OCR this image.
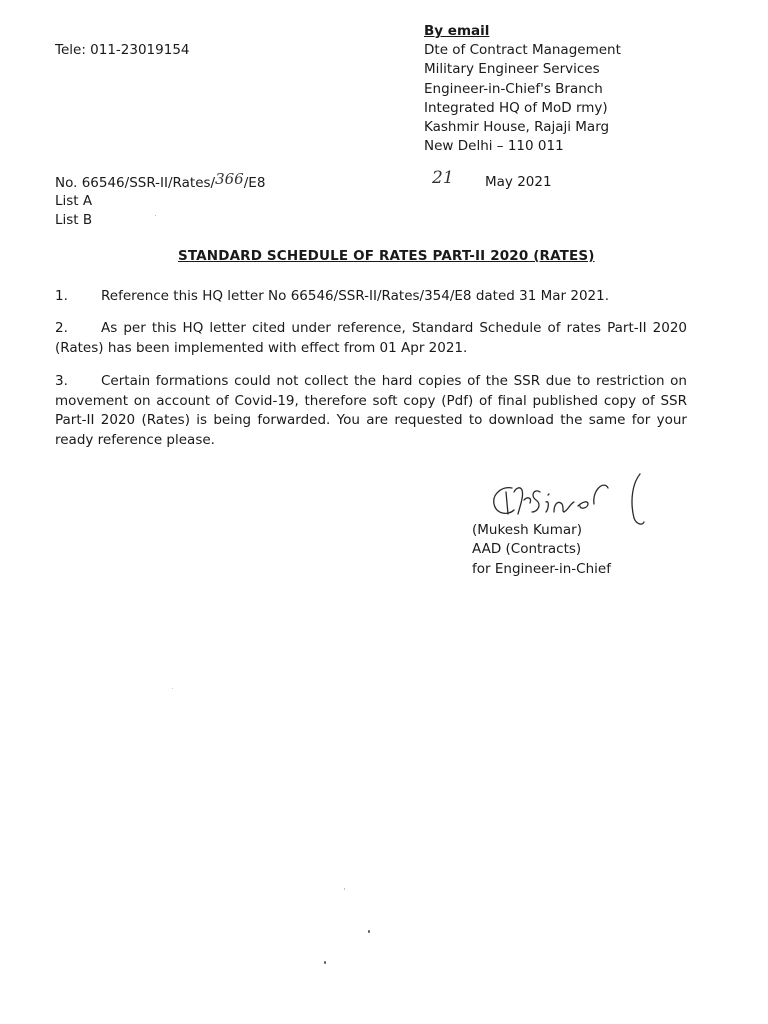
Tele: 011-23019154
By email
Dte of Contract Management
Military Engineer Services
Engineer-in-Chief's Branch
Integrated HQ of MoD rmy)
Kashmir House, Rajaji Marg
New Delhi – 110 011
No. 66546/SSR-II/Rates/366/E8	21 May 2021
List A
List B
STANDARD SCHEDULE OF RATES PART-II 2020 (RATES)
1. Reference this HQ letter No 66546/SSR-II/Rates/354/E8 dated 31 Mar 2021.
2. As per this HQ letter cited under reference, Standard Schedule of rates Part-II 2020 (Rates) has been implemented with effect from 01 Apr 2021.
3. Certain formations could not collect the hard copies of the SSR due to restriction on movement on account of Covid-19, therefore soft copy (Pdf) of final published copy of SSR Part-II 2020 (Rates) is being forwarded. You are requested to download the same for your ready reference please.
(Mukesh Kumar)
AAD (Contracts)
for Engineer-in-Chief
